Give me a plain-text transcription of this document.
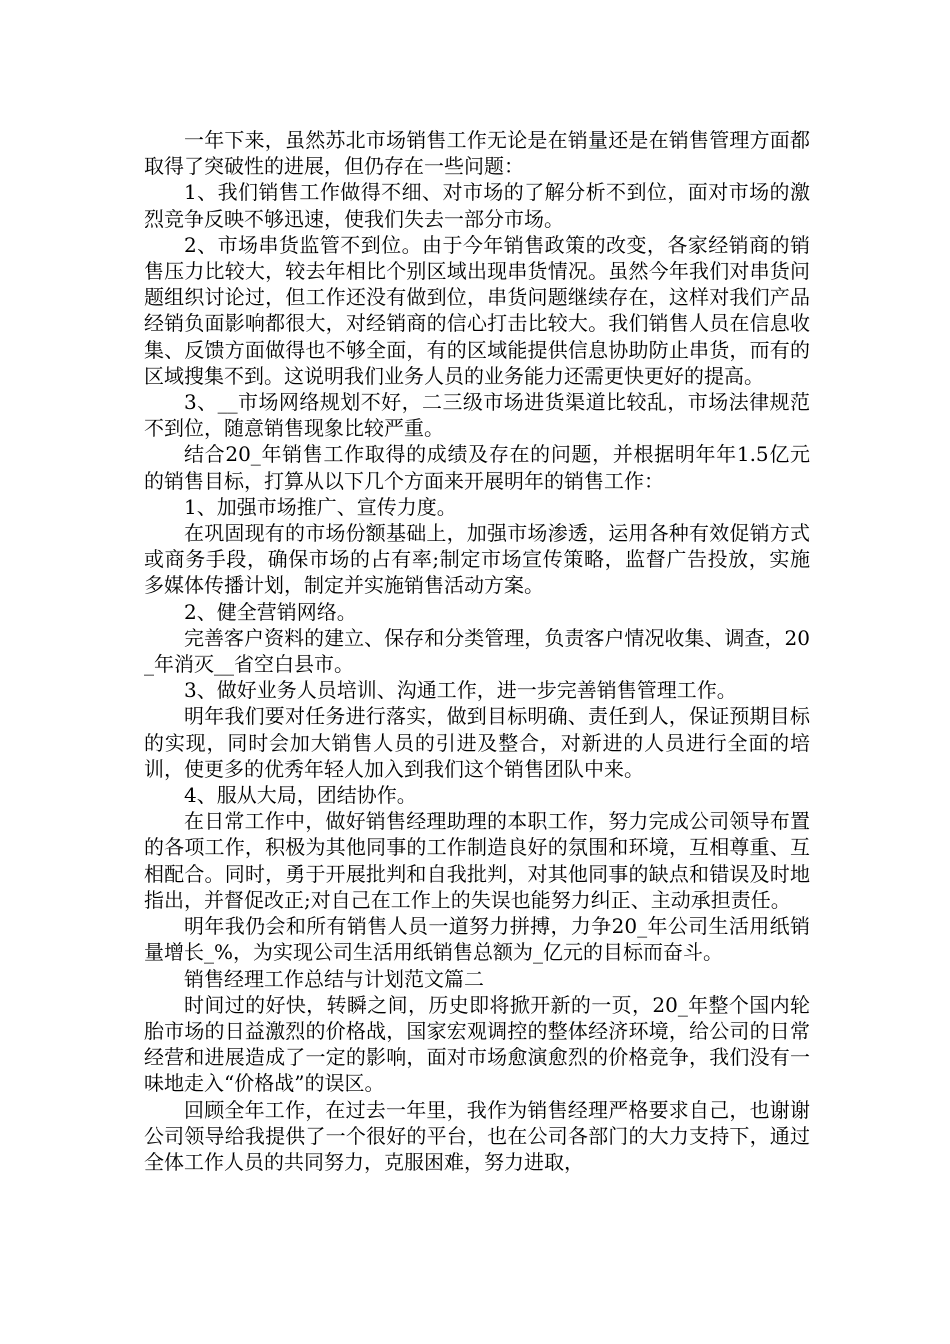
一年下来，虽然苏北市场销售工作无论是在销量还是在销售管理方面都取得了突破性的进展，但仍存在一些问题：

1、我们销售工作做得不细、对市场的了解分析不到位，面对市场的激烈竞争反映不够迅速，使我们失去一部分市场。

2、市场串货监管不到位。由于今年销售政策的改变，各家经销商的销售压力比较大，较去年相比个别区域出现串货情况。虽然今年我们对串货问题组织讨论过，但工作还没有做到位，串货问题继续存在，这样对我们产品经销负面影响都很大，对经销商的信心打击比较大。我们销售人员在信息收集、反馈方面做得也不够全面，有的区域能提供信息协助防止串货，而有的区域搜集不到。这说明我们业务人员的业务能力还需更快更好的提高。

3、__市场网络规划不好，二三级市场进货渠道比较乱，市场法律规范不到位，随意销售现象比较严重。

结合20_年销售工作取得的成绩及存在的问题，并根据明年年1.5亿元的销售目标，打算从以下几个方面来开展明年的销售工作：

1、加强市场推广、宣传力度。

在巩固现有的市场份额基础上，加强市场渗透，运用各种有效促销方式或商务手段，确保市场的占有率;制定市场宣传策略，监督广告投放，实施多媒体传播计划，制定并实施销售活动方案。

2、健全营销网络。

完善客户资料的建立、保存和分类管理，负责客户情况收集、调查，20_年消灭__省空白县市。

3、做好业务人员培训、沟通工作，进一步完善销售管理工作。

明年我们要对任务进行落实，做到目标明确、责任到人，保证预期目标的实现，同时会加大销售人员的引进及整合，对新进的人员进行全面的培训，使更多的优秀年轻人加入到我们这个销售团队中来。

4、服从大局，团结协作。

在日常工作中，做好销售经理助理的本职工作，努力完成公司领导布置的各项工作，积极为其他同事的工作制造良好的氛围和环境，互相尊重、互相配合。同时，勇于开展批判和自我批判，对其他同事的缺点和错误及时地指出，并督促改正;对自己在工作上的失误也能努力纠正、主动承担责任。

明年我仍会和所有销售人员一道努力拼搏，力争20_年公司生活用纸销量增长_%，为实现公司生活用纸销售总额为_亿元的目标而奋斗。

销售经理工作总结与计划范文篇二

时间过的好快，转瞬之间，历史即将掀开新的一页，20_年整个国内轮胎市场的日益激烈的价格战，国家宏观调控的整体经济环境，给公司的日常经营和进展造成了一定的影响，面对市场愈演愈烈的价格竞争，我们没有一味地走入“价格战”的误区。

回顾全年工作，在过去一年里，我作为销售经理严格要求自己，也谢谢公司领导给我提供了一个很好的平台，也在公司各部门的大力支持下，通过全体工作人员的共同努力，克服困难，努力进取，
